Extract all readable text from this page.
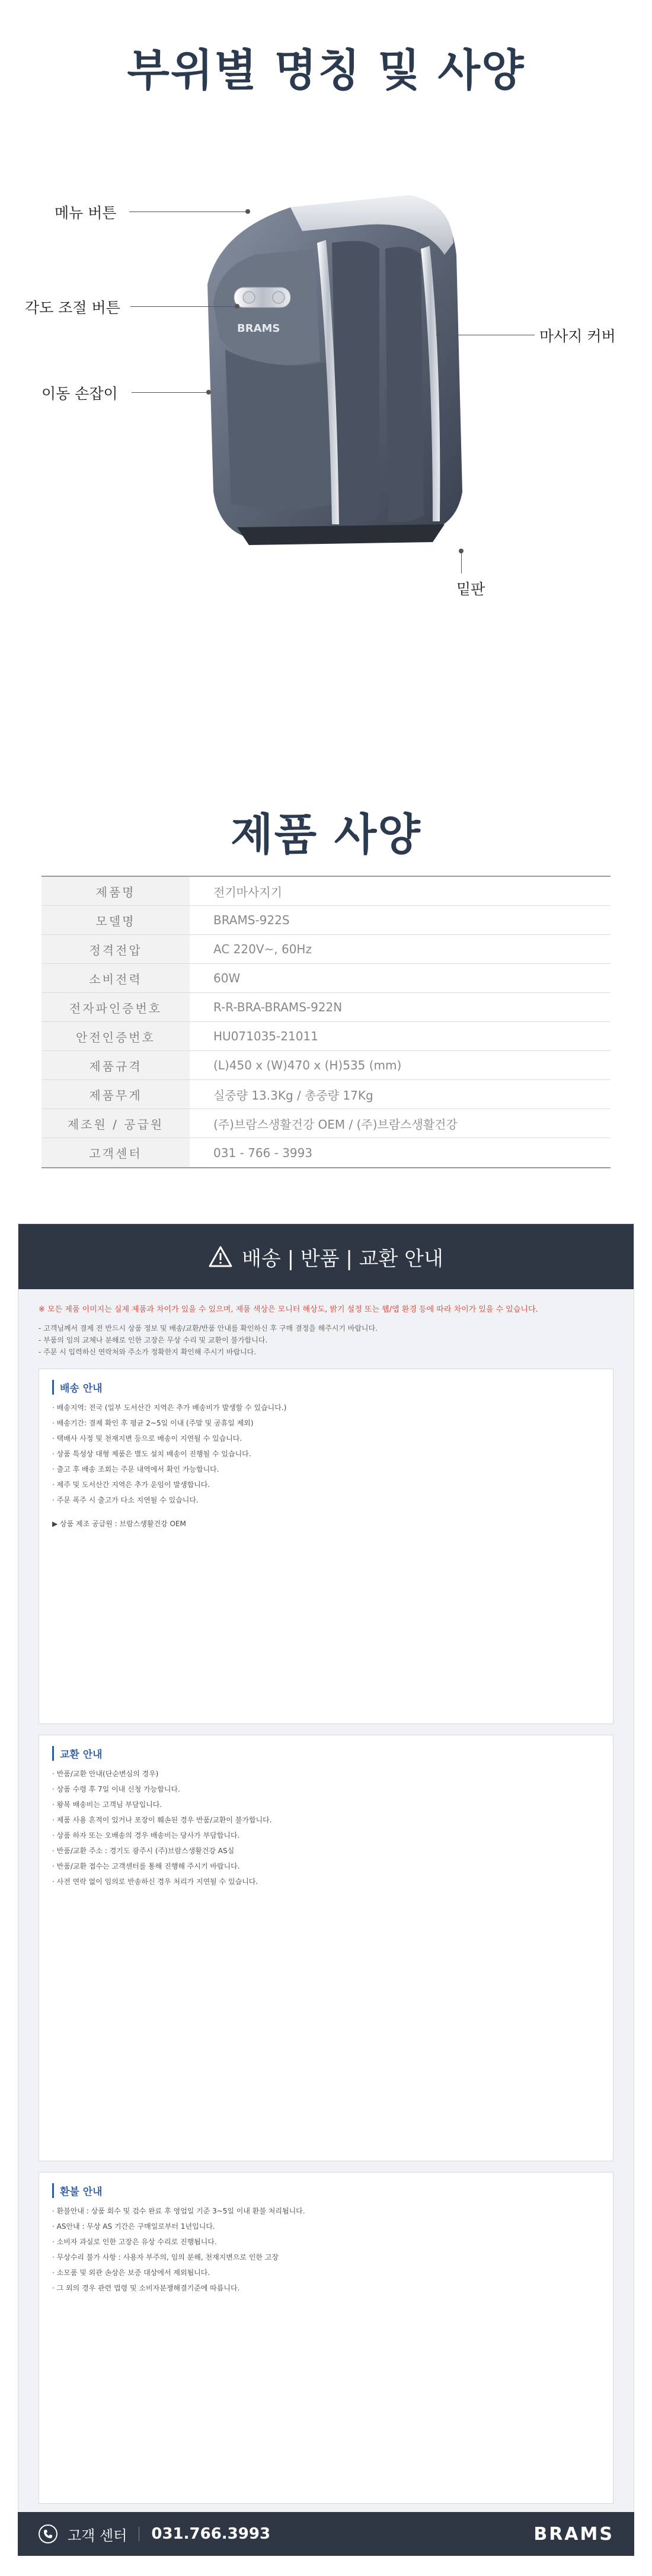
부위별 명칭 및 사양
BRAMS
메뉴 버튼
각도 조절 버튼
이동 손잡이
마사지 커버
밑판
제품 사양
제품명	전기마사지기
모델명	BRAMS-922S
정격전압	AC 220V~, 60Hz
소비전력	60W
전자파인증번호	R-R-BRA-BRAMS-922N
안전인증번호	HU071035-21011
제품규격	(L)450 x (W)470 x (H)535 (mm)
제품무게	실중량 13.3Kg / 총중량 17Kg
제조원 / 공급원	(주)브람스생활건강 OEM / (주)브람스생활건강
고객센터	031 - 766 - 3993
배송 | 반품 | 교환 안내

※ 모든 제품 이미지는 실제 제품과 차이가 있을 수 있으며, 제품 색상은 모니터 해상도, 밝기 설정 또는 웹/앱 환경 등에 따라 차이가 있을 수 있습니다.

- 고객님께서 결제 전 반드시 상품 정보 및 배송/교환/반품 안내를 확인하신 후 구매 결정을 해주시기 바랍니다.

- 부품의 임의 교체나 분해로 인한 고장은 무상 수리 및 교환이 불가합니다.

- 주문 시 입력하신 연락처와 주소가 정확한지 확인해 주시기 바랍니다.

배송 안내

· 배송지역: 전국 (일부 도서산간 지역은 추가 배송비가 발생할 수 있습니다.)

· 배송기간: 결제 확인 후 평균 2~5일 이내 (주말 및 공휴일 제외)

· 택배사 사정 및 천재지변 등으로 배송이 지연될 수 있습니다.

· 상품 특성상 대형 제품은 별도 설치 배송이 진행될 수 있습니다.

· 출고 후 배송 조회는 주문 내역에서 확인 가능합니다.

· 제주 및 도서산간 지역은 추가 운임이 발생합니다.

· 주문 폭주 시 출고가 다소 지연될 수 있습니다.

▶ 상품 제조 공급원 : 브람스생활건강 OEM

교환 안내

· 반품/교환 안내(단순변심의 경우)

· 상품 수령 후 7일 이내 신청 가능합니다.

· 왕복 배송비는 고객님 부담입니다.

· 제품 사용 흔적이 있거나 포장이 훼손된 경우 반품/교환이 불가합니다.

· 상품 하자 또는 오배송의 경우 배송비는 당사가 부담합니다.

· 반품/교환 주소 : 경기도 광주시 (주)브람스생활건강 AS실

· 반품/교환 접수는 고객센터를 통해 진행해 주시기 바랍니다.

· 사전 연락 없이 임의로 반송하신 경우 처리가 지연될 수 있습니다.

환불 안내

· 환불안내 : 상품 회수 및 검수 완료 후 영업일 기준 3~5일 이내 환불 처리됩니다.

· AS안내 : 무상 AS 기간은 구매일로부터 1년입니다.

· 소비자 과실로 인한 고장은 유상 수리로 진행됩니다.

· 무상수리 불가 사항 : 사용자 부주의, 임의 분해, 천재지변으로 인한 고장

· 소모품 및 외관 손상은 보증 대상에서 제외됩니다.

· 그 외의 경우 관련 법령 및 소비자분쟁해결기준에 따릅니다.

고객 센터 031.766.3993	BRAMS
